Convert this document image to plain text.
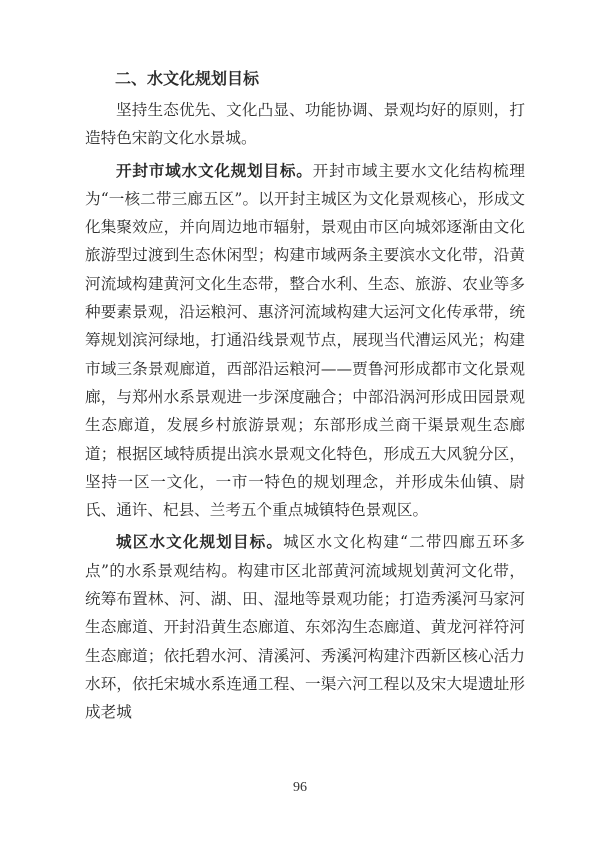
二、水文化规划目标

坚持生态优先、文化凸显、功能协调、景观均好的原则，打造特色宋韵文化水景城。

开封市域水文化规划目标。开封市域主要水文化结构梳理为“一核二带三廊五区”。以开封主城区为文化景观核心，形成文化集聚效应，并向周边地市辐射，景观由市区向城郊逐渐由文化旅游型过渡到生态休闲型；构建市域两条主要滨水文化带，沿黄河流域构建黄河文化生态带，整合水利、生态、旅游、农业等多种要素景观，沿运粮河、惠济河流域构建大运河文化传承带，统筹规划滨河绿地，打通沿线景观节点，展现当代漕运风光；构建市域三条景观廊道，西部沿运粮河——贾鲁河形成都市文化景观廊，与郑州水系景观进一步深度融合；中部沿涡河形成田园景观生态廊道，发展乡村旅游景观；东部形成兰商干渠景观生态廊道；根据区域特质提出滨水景观文化特色，形成五大风貌分区，坚持一区一文化，一市一特色的规划理念，并形成朱仙镇、尉氏、通许、杞县、兰考五个重点城镇特色景观区。

城区水文化规划目标。城区水文化构建“二带四廊五环多点”的水系景观结构。构建市区北部黄河流域规划黄河文化带，统筹布置林、河、湖、田、湿地等景观功能；打造秀溪河马家河生态廊道、开封沿黄生态廊道、东郊沟生态廊道、黄龙河祥符河生态廊道；依托碧水河、清溪河、秀溪河构建汴西新区核心活力水环，依托宋城水系连通工程、一渠六河工程以及宋大堤遗址形成老城

96
